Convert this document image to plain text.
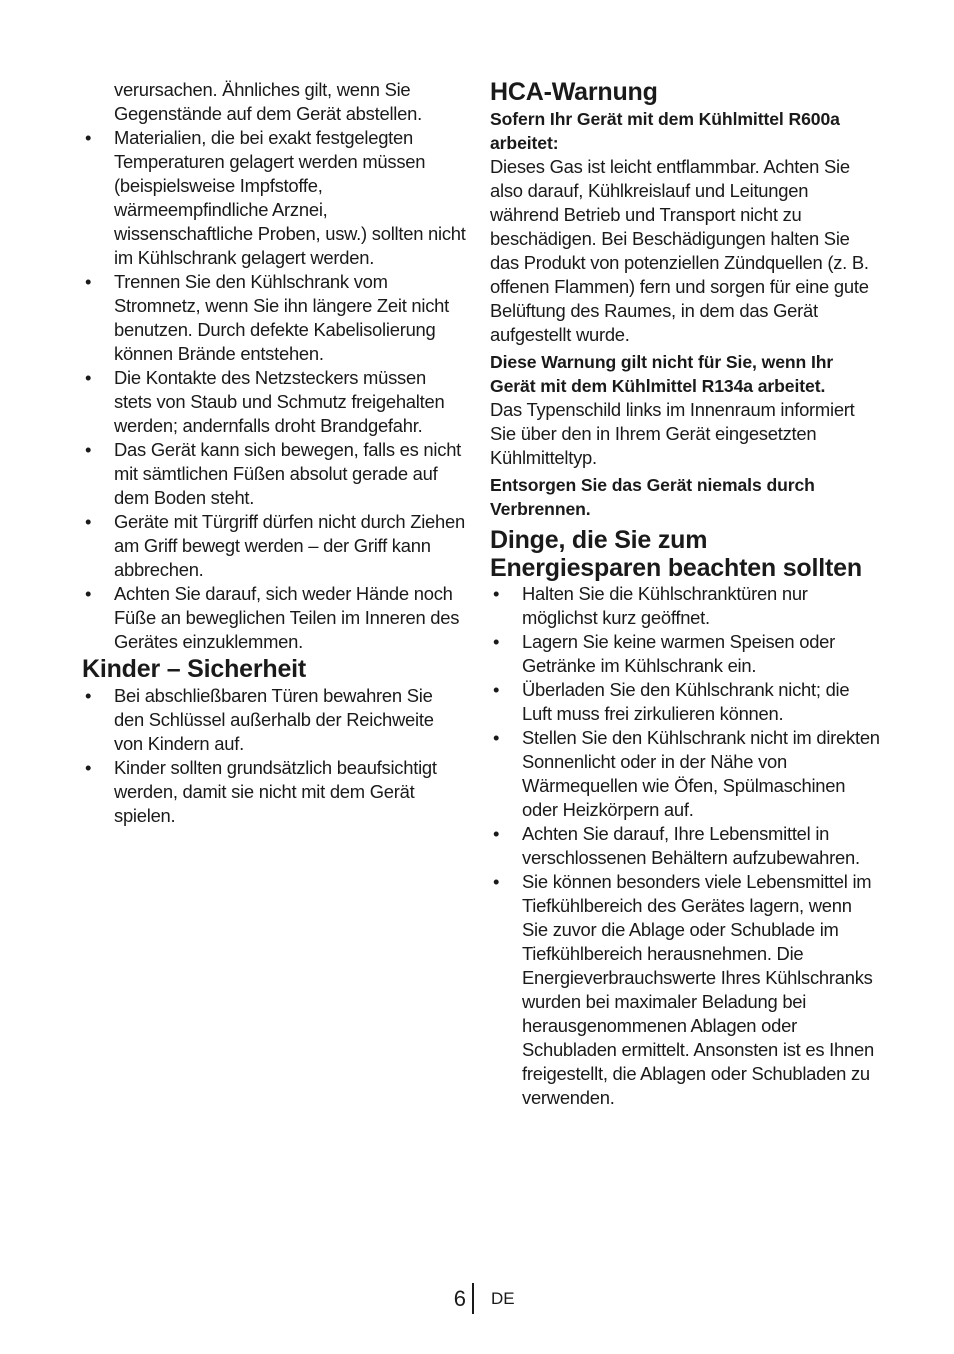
verursachen. Ähnliches gilt, wenn Sie Gegenstände auf dem Gerät abstellen.

• Materialien, die bei exakt festgelegten Temperaturen gelagert werden müssen (beispielsweise Impfstoffe, wärmeempfindliche Arznei, wissenschaftliche Proben, usw.) sollten nicht im Kühlschrank gelagert werden.
• Trennen Sie den Kühlschrank vom Stromnetz, wenn Sie ihn längere Zeit nicht benutzen. Durch defekte Kabelisolierung können Brände entstehen.
• Die Kontakte des Netzsteckers müssen stets von Staub und Schmutz freigehalten werden; andernfalls droht Brandgefahr.
• Das Gerät kann sich bewegen, falls es nicht mit sämtlichen Füßen absolut gerade auf dem Boden steht.
• Geräte mit Türgriff dürfen nicht durch Ziehen am Griff bewegt werden – der Griff kann abbrechen.
• Achten Sie darauf, sich weder Hände noch Füße an beweglichen Teilen im Inneren des Gerätes einzuklemmen.
Kinder – Sicherheit
• Bei abschließbaren Türen bewahren Sie den Schlüssel außerhalb der Reichweite von Kindern auf.
• Kinder sollten grundsätzlich beaufsichtigt werden, damit sie nicht mit dem Gerät spielen.
HCA-Warnung

Sofern Ihr Gerät mit dem Kühlmittel R600a arbeitet:

Dieses Gas ist leicht entflammbar. Achten Sie also darauf, Kühlkreislauf und Leitungen während Betrieb und Transport nicht zu beschädigen. Bei Beschädigungen halten Sie das Produkt von potenziellen Zündquellen (z. B. offenen Flammen) fern und sorgen für eine gute Belüftung des Raumes, in dem das Gerät aufgestellt wurde.

Diese Warnung gilt nicht für Sie, wenn Ihr Gerät mit dem Kühlmittel R134a arbeitet.

Das Typenschild links im Innenraum informiert Sie über den in Ihrem Gerät eingesetzten Kühlmitteltyp.

Entsorgen Sie das Gerät niemals durch Verbrennen.

Dinge, die Sie zum Energiesparen beachten sollten
• Halten Sie die Kühlschranktüren nur möglichst kurz geöffnet.
• Lagern Sie keine warmen Speisen oder Getränke im Kühlschrank ein.
• Überladen Sie den Kühlschrank nicht; die Luft muss frei zirkulieren können.
• Stellen Sie den Kühlschrank nicht im direkten Sonnenlicht oder in der Nähe von Wärmequellen wie Öfen, Spülmaschinen oder Heizkörpern auf.
• Achten Sie darauf, Ihre Lebensmittel in verschlossenen Behältern aufzubewahren.
• Sie können besonders viele Lebensmittel im Tiefkühlbereich des Gerätes lagern, wenn Sie zuvor die Ablage oder Schublade im Tiefkühlbereich herausnehmen. Die Energieverbrauchswerte Ihres Kühlschranks wurden bei maximaler Beladung bei herausgenommenen Ablagen oder Schubladen ermittelt. Ansonsten ist es Ihnen freigestellt, die Ablagen oder Schubladen zu verwenden.
6 DE
